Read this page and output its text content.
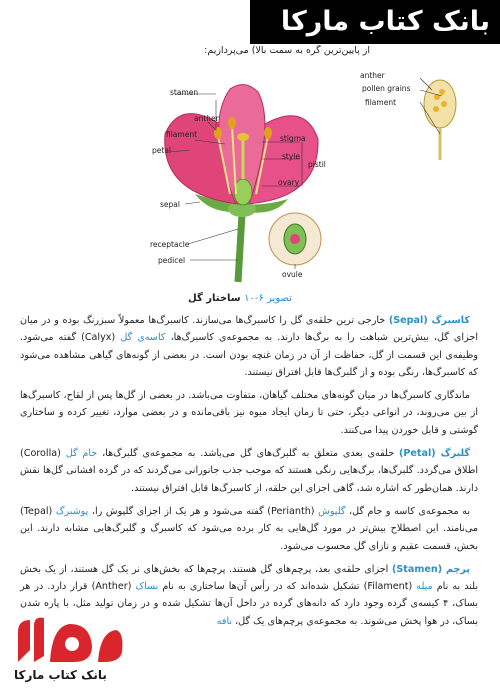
بانک کتاب مارکا
از پایین‌ترین گره به سمت بالا) می‌پردازیم:
anther
pollen grains
filament
stamen
anther
filament	stigma
style
pistil
ovary
petal
sepal
receptacle
pedicel
ovule
تصویر ۶-۱۰ ساختار گل

کاسبرگ (Sepal) خارجی ترین حلقه‌ی گل را کاسبرگ‌ها می‌سازند. کاسبرگ‌ها معمولاً سبزرنگ بوده و در میان اجزای گل، بیش‌ترین شباهت را به برگ‌ها دارند. به مجموعه‌ی کاسبرگ‌ها، کاسه‌ی گل (Calyx) گفته می‌شود. وظیفه‌ی این قسمت از گل، حفاظت از آن در زمان غنچه بودن است. در بعضی از گونه‌های گیاهی مشاهده می‌شود که کاسبرگ‌ها، رنگی بوده و از گلبرگ‌ها قابل افتراق نیستند.

ماندگاری کاسبرگ‌ها در میان گونه‌های مختلف گیاهان، متفاوت می‌باشد. در بعضی از گل‌ها پس از لقاح، کاسبرگ‌ها از بین می‌روند، در انواعی دیگر، حتی تا زمان ایجاد میوه نیز باقی‌مانده و در بعضی موارد، تغییر کرده و ساختاری گوشتی و قابل خوردن پیدا می‌کنند.

گلبرگ (Petal) حلقه‌ی بعدی متعلق به گلبرگ‌های گل می‌باشد. به مجموعه‌ی گلبرگ‌ها، جام گل (Corolla) اطلاق می‌گردد. گلبرگ‌ها، برگ‌هایی رنگی هستند که موجب جذب جانورانی می‌گردند که در گرده افشانی گل‌ها نقش دارند. همان‌طور که اشاره شد، گاهی اجزای این حلقه، از کاسبرگ‌ها قابل افتراق نیستند.

به مجموعه‌ی کاسه و جام گل، گلپوش (Perianth) گفته می‌شود و هر یک از اجزای گلپوش را، پوشبرگ (Tepal) می‌نامند. این اصطلاح بیش‌تر در مورد گل‌هایی به کار برده می‌شود که کاسبرگ و گلبرگ‌هایی مشابه دارند. این بخش، قسمت عقیم و نازای گل محسوب می‌شود.

پرچم (Stamen) اجزای حلقه‌ی بعد، پرچم‌های گل هستند. پرچم‌ها که بخش‌های نر یک گل هستند، از یک بخش بلند به نام میله (Filament) تشکیل شده‌اند که در رأس آن‌ها ساختاری به نام بساک (Anther) قرار دارد. در هر بساک، ۴ کیسه‌ی گرده وجود دارد که دانه‌های گرده در داخل آن‌ها تشکیل شده و در زمان تولید مثل، با پاره شدن بساک، در هوا پخش می‌شوند. به مجموعه‌ی پرچم‌های یک گل، نافه

بانک کتاب مارکا
